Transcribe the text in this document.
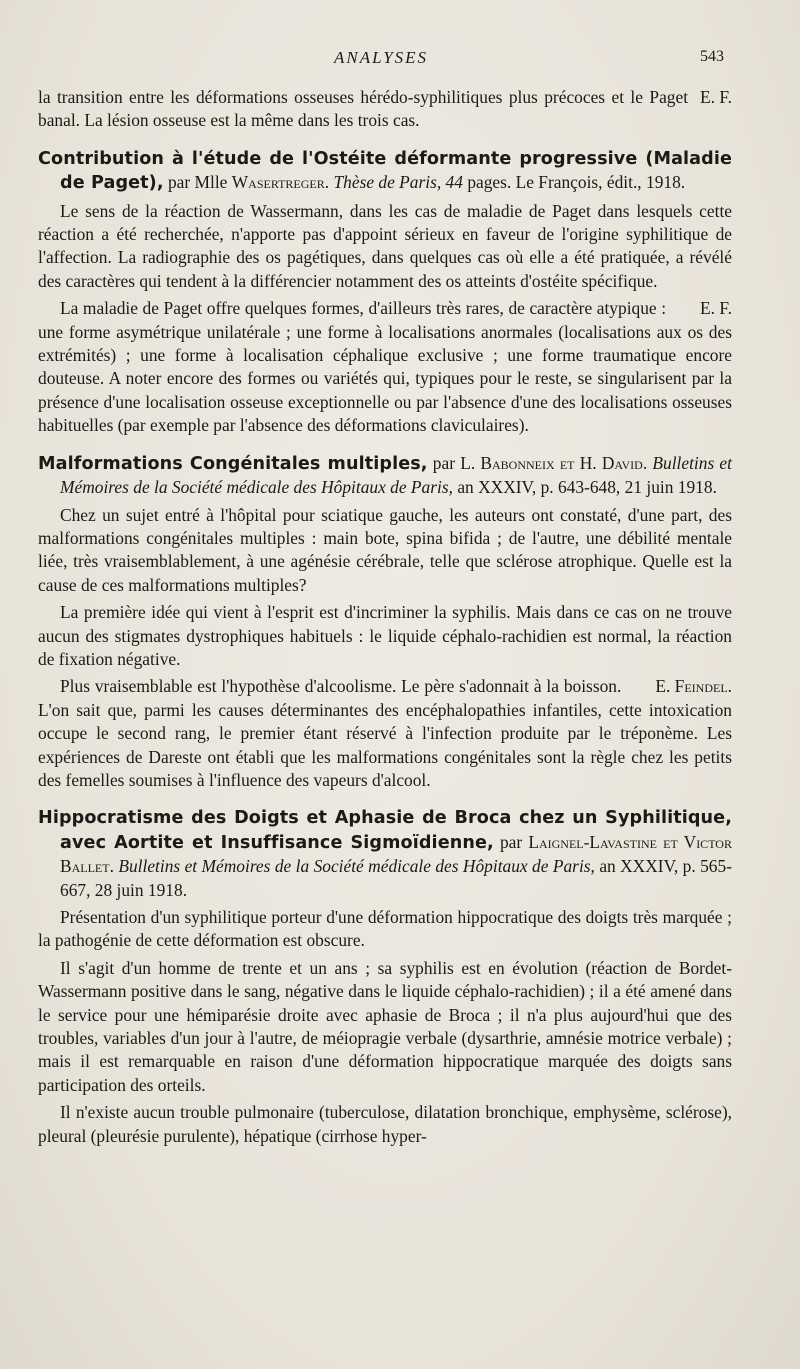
ANALYSES	543

E. F.
la transition entre les déformations osseuses hérédo-syphilitiques plus précoces et le Paget banal. La lésion osseuse est la même dans les trois cas.

Contribution à l'étude de l'Ostéite déformante progressive (Maladie de Paget), par Mlle Wasertreger. Thèse de Paris, 44 pages. Le François, édit., 1918.

Le sens de la réaction de Wassermann, dans les cas de maladie de Paget dans lesquels cette réaction a été recherchée, n'apporte pas d'appoint sérieux en faveur de l'origine syphilitique de l'affection. La radiographie des os pagétiques, dans quelques cas où elle a été pratiquée, a révélé des caractères qui tendent à la différencier notamment des os atteints d'ostéite spécifique.

E. F.
La maladie de Paget offre quelques formes, d'ailleurs très rares, de caractère atypique : une forme asymétrique unilatérale ; une forme à localisations anormales (localisations aux os des extrémités) ; une forme à localisation céphalique exclusive ; une forme traumatique encore douteuse. A noter encore des formes ou variétés qui, typiques pour le reste, se singularisent par la présence d'une localisation osseuse exceptionnelle ou par l'absence d'une des localisations osseuses habituelles (par exemple par l'absence des déformations claviculaires).

Malformations Congénitales multiples, par L. Babonneix et H. David. Bulletins et Mémoires de la Société médicale des Hôpitaux de Paris, an XXXIV, p. 643-648, 21 juin 1918.

Chez un sujet entré à l'hôpital pour sciatique gauche, les auteurs ont constaté, d'une part, des malformations congénitales multiples : main bote, spina bifida ; de l'autre, une débilité mentale liée, très vraisemblablement, à une agénésie cérébrale, telle que sclérose atrophique. Quelle est la cause de ces malformations multiples?

La première idée qui vient à l'esprit est d'incriminer la syphilis. Mais dans ce cas on ne trouve aucun des stigmates dystrophiques habituels : le liquide céphalo-rachidien est normal, la réaction de fixation négative.

E. Feindel.
Plus vraisemblable est l'hypothèse d'alcoolisme. Le père s'adonnait à la boisson. L'on sait que, parmi les causes déterminantes des encéphalopathies infantiles, cette intoxication occupe le second rang, le premier étant réservé à l'infection produite par le tréponème. Les expériences de Dareste ont établi que les malformations congénitales sont la règle chez les petits des femelles soumises à l'influence des vapeurs d'alcool.

Hippocratisme des Doigts et Aphasie de Broca chez un Syphilitique, avec Aortite et Insuffisance Sigmoïdienne, par Laignel-Lavastine et Victor Ballet. Bulletins et Mémoires de la Société médicale des Hôpitaux de Paris, an XXXIV, p. 565-667, 28 juin 1918.

Présentation d'un syphilitique porteur d'une déformation hippocratique des doigts très marquée ; la pathogénie de cette déformation est obscure.

Il s'agit d'un homme de trente et un ans ; sa syphilis est en évolution (réaction de Bordet-Wassermann positive dans le sang, négative dans le liquide céphalo-rachidien) ; il a été amené dans le service pour une hémiparésie droite avec aphasie de Broca ; il n'a plus aujourd'hui que des troubles, variables d'un jour à l'autre, de méiopragie verbale (dysarthrie, amnésie motrice verbale) ; mais il est remarquable en raison d'une déformation hippocratique marquée des doigts sans participation des orteils.

Il n'existe aucun trouble pulmonaire (tuberculose, dilatation bronchique, emphysème, sclérose), pleural (pleurésie purulente), hépatique (cirrhose hyper-
